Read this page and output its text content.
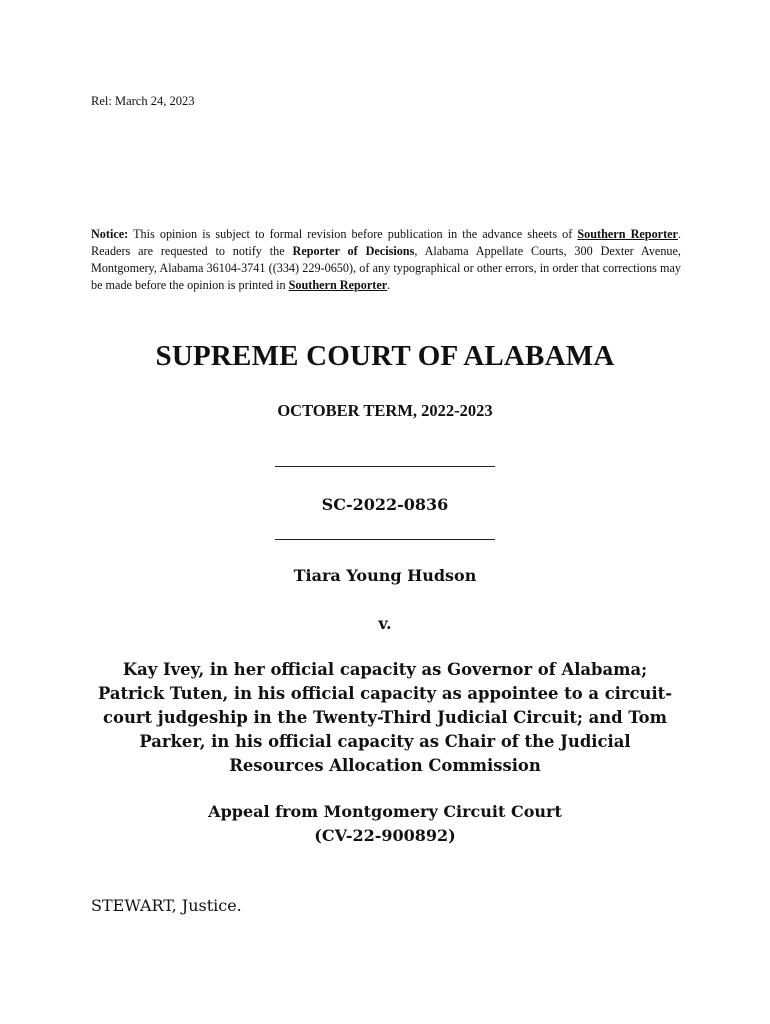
Rel: March 24, 2023

Notice: This opinion is subject to formal revision before publication in the advance sheets of Southern Reporter. Readers are requested to notify the Reporter of Decisions, Alabama Appellate Courts, 300 Dexter Avenue, Montgomery, Alabama 36104-3741 ((334) 229-0650), of any typographical or other errors, in order that corrections may be made before the opinion is printed in Southern Reporter.

SUPREME COURT OF ALABAMA
OCTOBER TERM, 2022-2023
SC-2022-0836
Tiara Young Hudson
v.
Kay Ivey, in her official capacity as Governor of Alabama; Patrick Tuten, in his official capacity as appointee to a circuit-court judgeship in the Twenty-Third Judicial Circuit; and Tom Parker, in his official capacity as Chair of the Judicial Resources Allocation Commission
Appeal from Montgomery Circuit Court
(CV-22-900892)
STEWART, Justice.
